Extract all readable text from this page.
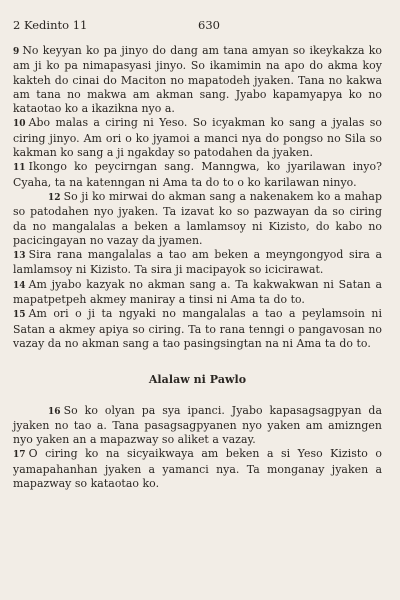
2 Kedinto 11	630

9 No keyyan ko pa jinyo do dang am tana amyan so ikeykakza ko am ji ko pa nimapasyasi jinyo. So ikamimin na apo do akma koy kakteh do cinai do Maciton no mapatodeh jyaken. Tana no kakwa am tana no makwa am akman sang. Jyabo kapamyapya ko no kataotao ko a ikazikna nyo a.

10 Abo malas a ciring ni Yeso. So icyakman ko sang a jyalas so ciring jinyo. Am ori o ko jyamoi a manci nya do pongso no Sila so kakman ko sang a ji ngakday so patodahen da jyaken.

11 Ikongo ko peycirngan sang. Manngwa, ko jyarilawan inyo? Cyaha, ta na katenngan ni Ama ta do to o ko karilawan ninyo.

12 So ji ko mirwai do akman sang a nakenakem ko a mahap so patodahen nyo jyaken. Ta izavat ko so pazwayan da so ciring da no mangalalas a beken a lamlamsoy ni Kizisto, do kabo no pacicingayan no vazay da jyamen.

13 Sira rana mangalalas a tao am beken a meyngongyod sira a lamlamsoy ni Kizisto. Ta sira ji macipayok so icicirawat.

14 Am jyabo kazyak no akman sang a. Ta kakwakwan ni Satan a mapatpetpeh akmey maniray a tinsi ni Ama ta do to.

15 Am ori o ji ta ngyaki no mangalalas a tao a peylamsoin ni Satan a akmey apiya so ciring. Ta to rana tenngi o pangavosan no vazay da no akman sang a tao pasingsingtan na ni Ama ta do to.

Alalaw ni Pawlo

16 So ko olyan pa sya ipanci. Jyabo kapasagsagpyan da jyaken no tao a. Tana pasagsagpyanen nyo yaken am amizngen nyo yaken an a mapazway so aliket a vazay.

17 O ciring ko na sicyaikwaya am beken a si Yeso Kizisto o yamapahanhan jyaken a yamanci nya. Ta monganay jyaken a mapazway so kataotao ko.
